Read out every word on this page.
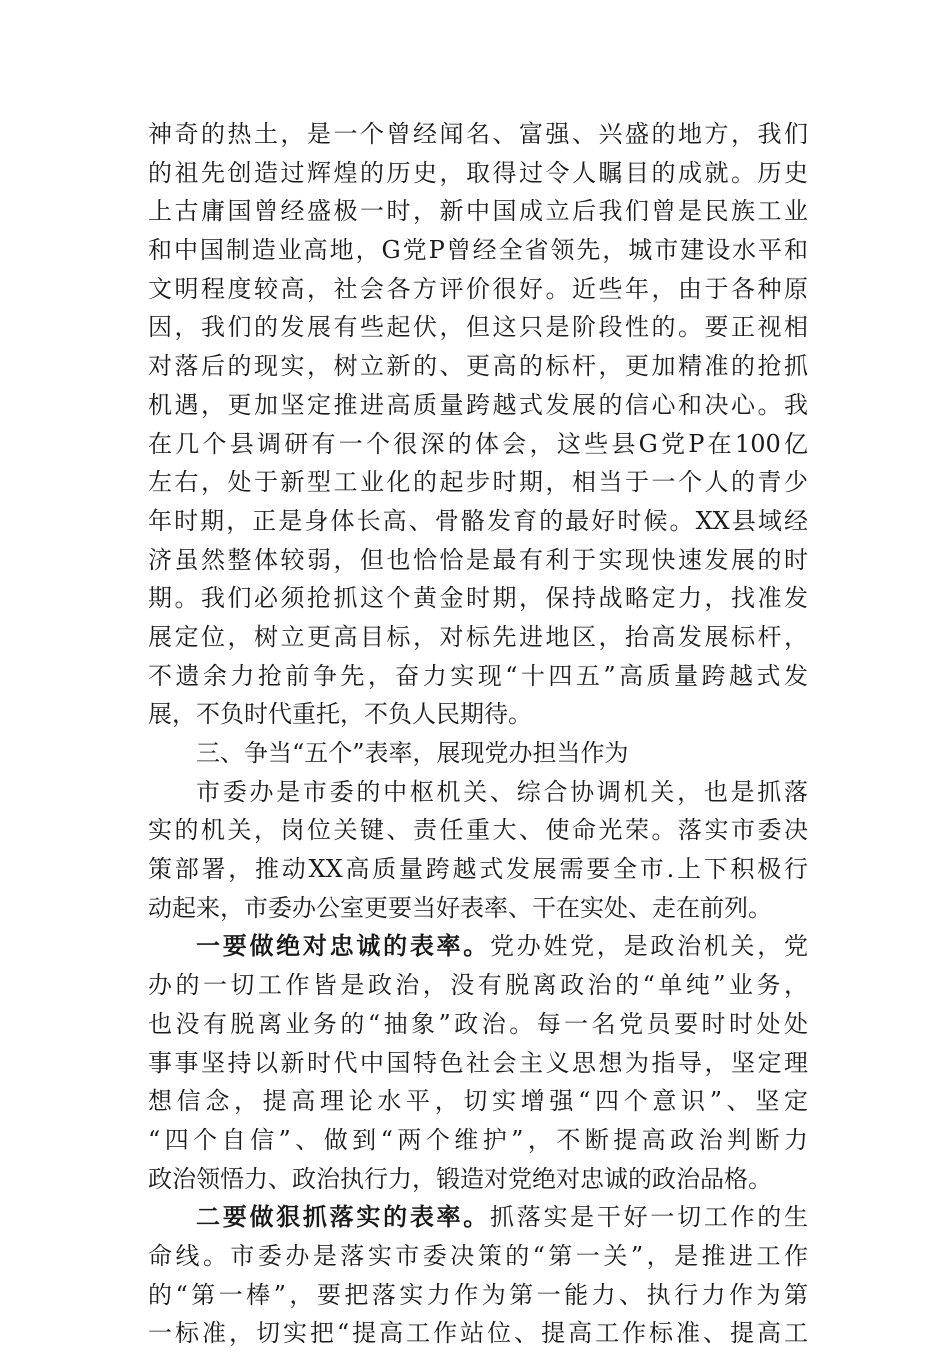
神奇的热土，是一个曾经闻名、富强、兴盛的地方，我们
的祖先创造过辉煌的历史，取得过令人瞩目的成就。历史
上古庸国曾经盛极一时，新中国成立后我们曾是民族工业
和中国制造业高地，G党P曾经全省领先，城市建设水平和
文明程度较高，社会各方评价很好。近些年，由于各种原
因，我们的发展有些起伏，但这只是阶段性的。要正视相
对落后的现实，树立新的、更高的标杆，更加精准的抢抓
机遇，更加坚定推进高质量跨越式发展的信心和决心。我
在几个县调研有一个很深的体会，这些县G党P在100亿
左右，处于新型工业化的起步时期，相当于一个人的青少
年时期，正是身体长高、骨骼发育的最好时候。XX县域经
济虽然整体较弱，但也恰恰是最有利于实现快速发展的时
期。我们必须抢抓这个黄金时期，保持战略定力，找准发
展定位，树立更高目标，对标先进地区，抬高发展标杆，
不遗余力抢前争先，奋力实现“十四五”高质量跨越式发
展，不负时代重托，不负人民期待。
三、争当“五个”表率，展现党办担当作为
市委办是市委的中枢机关、综合协调机关，也是抓落
实的机关，岗位关键、责任重大、使命光荣。落实市委决
策部署，推动XX高质量跨越式发展需要全市.上下积极行
动起来，市委办公室更要当好表率、干在实处、走在前列。
一要做绝对忠诚的表率。党办姓党，是政治机关，党
办的一切工作皆是政治，没有脱离政治的“单纯”业务，
也没有脱离业务的“抽象”政治。每一名党员要时时处处
事事坚持以新时代中国特色社会主义思想为指导，坚定理
想信念，提高理论水平，切实增强“四个意识”、坚定
“四个自信”、做到“两个维护”，不断提高政治判断力
政治领悟力、政治执行力，锻造对党绝对忠诚的政治品格。
二要做狠抓落实的表率。抓落实是干好一切工作的生
命线。市委办是落实市委决策的“第一关”，是推进工作
的“第一棒”，要把落实力作为第一能力、执行力作为第
一标准，切实把“提高工作站位、提高工作标准、提高工
